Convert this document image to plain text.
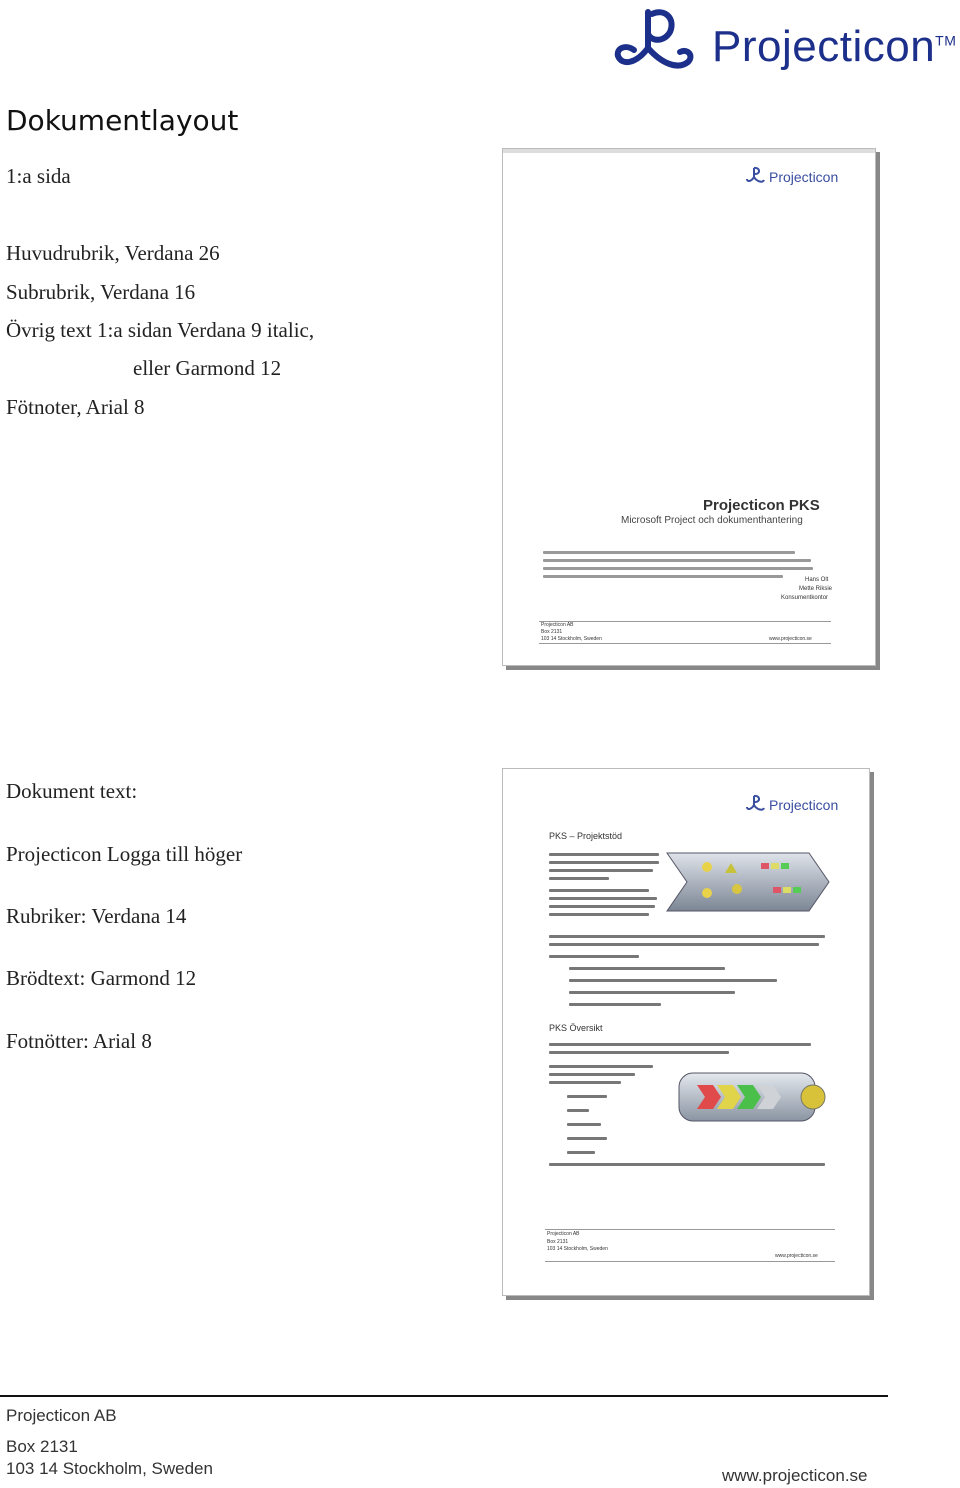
Projecticon™
Dokumentlayout
1:a sida
Huvudrubrik, Verdana 26
Subrubrik, Verdana 16
Övrig text 1:a sidan Verdana 9 italic,
eller Garmond 12
Fötnoter, Arial 8
Dokument text:
Projecticon Logga till höger
Rubriker: Verdana 14
Brödtext: Garmond 12
Fotnötter: Arial 8
Projecticon
Projecticon PKS
Microsoft Project och dokumenthantering
Hans Olt
Mette Riksie
Konsumentkontor
Projecticon AB
Box 2131
103 14 Stockholm, Sweden	www.projecticon.se
Projecticon
PKS – Projektstöd
PKS Översikt
Projecticon AB
Box 2131
103 14 Stockholm, Sweden
www.projecticon.se
Projecticon AB
Box 2131
103 14 Stockholm, Sweden	www.projecticon.se
